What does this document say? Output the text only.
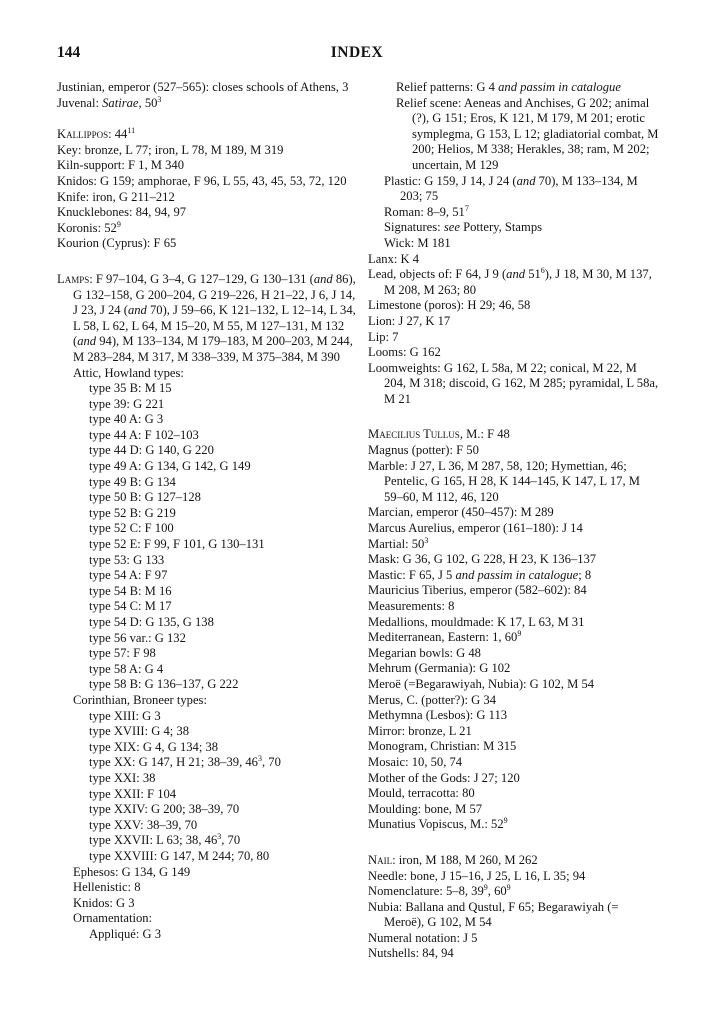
144	INDEX
Justinian, emperor (527–565): closes schools of Athens, 3
Juvenal: Satirae, $50^3$
Kallippos: $44^{11}$
Key: bronze, L 77; iron, L 78, M 189, M 319
Kiln-support: F 1, M 340
Knidos: G 159; amphorae, F 96, L 55, 43, 45, 53, 72, 120
Knife: iron, G 211–212
Knucklebones: 84, 94, 97
Koronis: $52^9$
Kourion (Cyprus): F 65
Lamps: F 97–104, G 3–4, G 127–129, G 130–131 (and 86), G 132–158, G 200–204, G 219–226, H 21–22, J 6, J 14, J 23, J 24 (and 70), J 59–66, K 121–132, L 12–14, L 34, L 58, L 62, L 64, M 15–20, M 55, M 127–131, M 132 (and 94), M 133–134, M 179–183, M 200–203, M 244, M 283–284, M 317, M 338–339, M 375–384, M 390
Attic, Howland types:
type 35 B: M 15
type 39: G 221
type 40 A: G 3
type 44 A: F 102–103
type 44 D: G 140, G 220
type 49 A: G 134, G 142, G 149
type 49 B: G 134
type 50 B: G 127–128
type 52 B: G 219
type 52 C: F 100
type 52 E: F 99, F 101, G 130–131
type 53: G 133
type 54 A: F 97
type 54 B: M 16
type 54 C: M 17
type 54 D: G 135, G 138
type 56 var.: G 132
type 57: F 98
type 58 A: G 4
type 58 B: G 136–137, G 222
Corinthian, Broneer types:
type XIII: G 3
type XVIII: G 4; 38
type XIX: G 4, G 134; 38
type XX: G 147, H 21; 38–39, $46^3$, 70
type XXI: 38
type XXII: F 104
type XXIV: G 200; 38–39, 70
type XXV: 38–39, 70
type XXVII: L 63; 38, $46^3$, 70
type XXVIII: G 147, M 244; 70, 80
Ephesos: G 134, G 149
Hellenistic: 8
Knidos: G 3
Ornamentation:
Appliqué: G 3
Relief patterns: G 4 and passim in catalogue
Relief scene: Aeneas and Anchises, G 202; animal (?), G 151; Eros, K 121, M 179, M 201; erotic symplegma, G 153, L 12; gladiatorial combat, M 200; Helios, M 338; Herakles, 38; ram, M 202; uncertain, M 129
Plastic: G 159, J 14, J 24 (and 70), M 133–134, M 203; 75
Roman: 8–9, $51^7$
Signatures: see Pottery, Stamps
Wick: M 181
Lanx: K 4
Lead, objects of: F 64, J 9 (and $51^6$), J 18, M 30, M 137, M 208, M 263; 80
Limestone (poros): H 29; 46, 58
Lion: J 27, K 17
Lip: 7
Looms: G 162
Loomweights: G 162, L 58a, M 22; conical, M 22, M 204, M 318; discoid, G 162, M 285; pyramidal, L 58a, M 21
Maecilius Tullus, M.: F 48
Magnus (potter): F 50
Marble: J 27, L 36, M 287, 58, 120; Hymettian, 46; Pentelic, G 165, H 28, K 144–145, K 147, L 17, M 59–60, M 112, 46, 120
Marcian, emperor (450–457): M 289
Marcus Aurelius, emperor (161–180): J 14
Martial: $50^3$
Mask: G 36, G 102, G 228, H 23, K 136–137
Mastic: F 65, J 5 and passim in catalogue; 8
Mauricius Tiberius, emperor (582–602): 84
Measurements: 8
Medallions, mouldmade: K 17, L 63, M 31
Mediterranean, Eastern: 1, $60^9$
Megarian bowls: G 48
Mehrum (Germania): G 102
Meroë (=Begarawiyah, Nubia): G 102, M 54
Merus, C. (potter?): G 34
Methymna (Lesbos): G 113
Mirror: bronze, L 21
Monogram, Christian: M 315
Mosaic: 10, 50, 74
Mother of the Gods: J 27; 120
Mould, terracotta: 80
Moulding: bone, M 57
Munatius Vopiscus, M.: $52^9$
Nail: iron, M 188, M 260, M 262
Needle: bone, J 15–16, J 25, L 16, L 35; 94
Nomenclature: 5–8, $39^9$, $60^9$
Nubia: Ballana and Qustul, F 65; Begarawiyah (= Meroë), G 102, M 54
Numeral notation: J 5
Nutshells: 84, 94
